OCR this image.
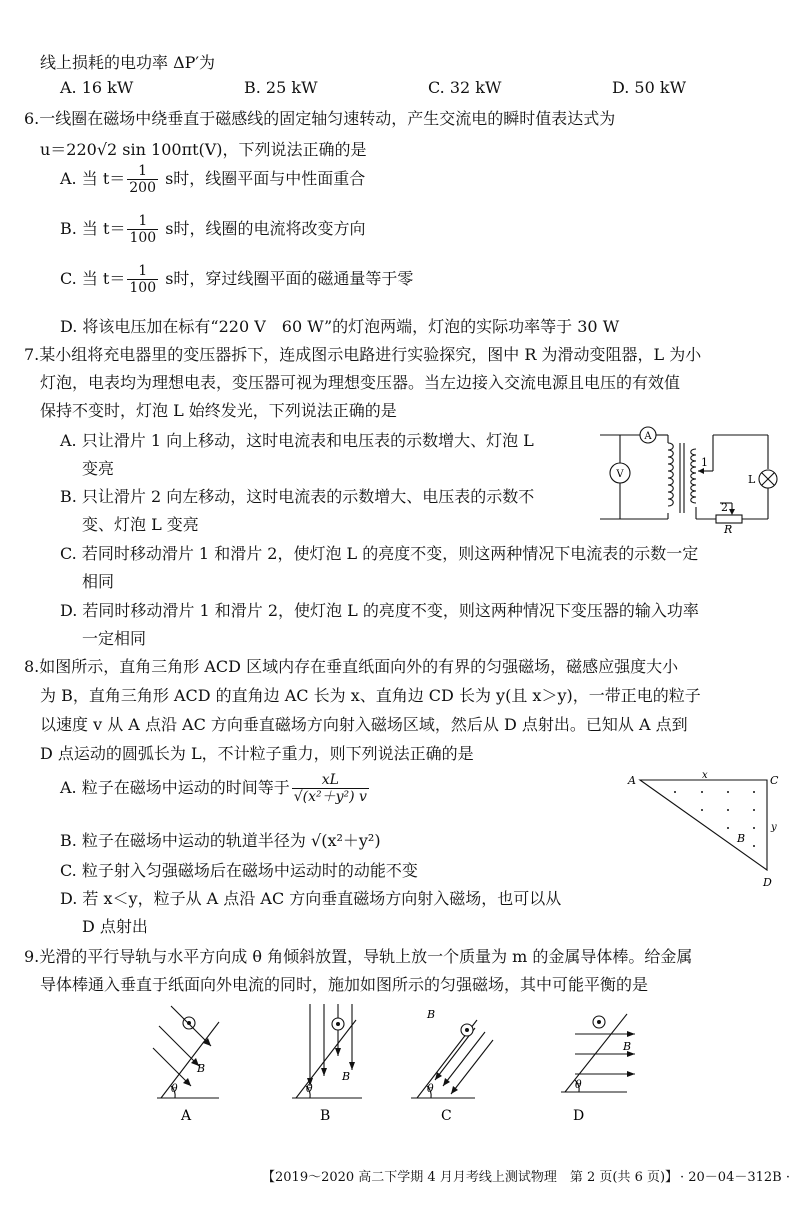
线上损耗的电功率 ΔP′为
A. 16 kW	B. 25 kW	C. 32 kW	D. 50 kW
6.一线圈在磁场中绕垂直于磁感线的固定轴匀速转动，产生交流电的瞬时值表达式为
u＝220√2 sin 100πt(V)，下列说法正确的是
A. 当 $t= \frac{1}{200}$ s时，线圈平面与中性面重合
B. 当 $t= \frac{1}{100}$ s时，线圈的电流将改变方向
C. 当 $t= \frac{1}{100}$ s时，穿过线圈平面的磁通量等于零
D. 将该电压加在标有“220 V　60 W”的灯泡两端，灯泡的实际功率等于 30 W
7.某小组将充电器里的变压器拆下，连成图示电路进行实验探究，图中 R 为滑动变阻器，L 为小
灯泡，电表均为理想电表，变压器可视为理想变压器。当左边接入交流电源且电压的有效值
保持不变时，灯泡 L 始终发光，下列说法正确的是
A. 只让滑片 1 向上移动，这时电流表和电压表的示数增大、灯泡 L
变亮
B. 只让滑片 2 向左移动，这时电流表的示数增大、电压表的示数不
变、灯泡 L 变亮
C. 若同时移动滑片 1 和滑片 2，使灯泡 L 的亮度不变，则这两种情况下电流表的示数一定
相同
D. 若同时移动滑片 1 和滑片 2，使灯泡 L 的亮度不变，则这两种情况下变压器的输入功率
一定相同
A
V
1
L
2
R
8.如图所示，直角三角形 ACD 区域内存在垂直纸面向外的有界的匀强磁场，磁感应强度大小
为 B，直角三角形 ACD 的直角边 AC 长为 x、直角边 CD 长为 y(且 x＞y)，一带正电的粒子
以速度 v 从 A 点沿 AC 方向垂直磁场方向射入磁场区域，然后从 D 点射出。已知从 A 点到
D 点运动的圆弧长为 L，不计粒子重力，则下列说法正确的是
A. 粒子在磁场中运动的时间等于 $\frac{xL}{\text{√(x²＋y²) v}}$
B. 粒子在磁场中运动的轨道半径为 √(x²＋y²)
C. 粒子射入匀强磁场后在磁场中运动时的动能不变
D. 若 x＜y，粒子从 A 点沿 AC 方向垂直磁场方向射入磁场，也可以从
D 点射出
A	C
D
x
y
B
9.光滑的平行导轨与水平方向成 θ 角倾斜放置，导轨上放一个质量为 m 的金属导体棒。给金属
导体棒通入垂直于纸面向外电流的同时，施加如图所示的匀强磁场，其中可能平衡的是
B
θ
A
B
θ
B
B
θ
C
B
θ
D
【2019～2020 高二下学期 4 月月考线上测试物理　第 2 页(共 6 页)】 · 20－04－312B ·
